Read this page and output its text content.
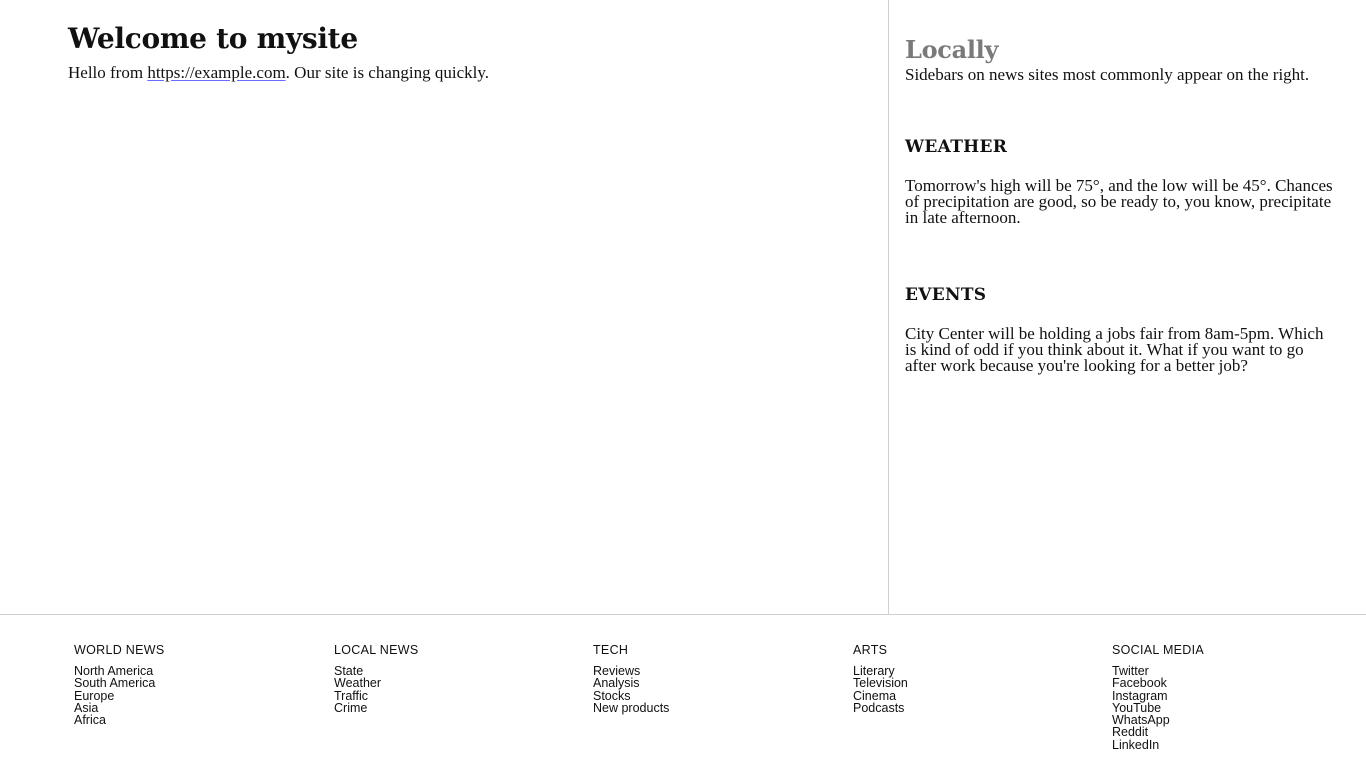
Welcome to mysite

Hello from https://example.com. Our site is changing quickly.

Locally

Sidebars on news sites most commonly appear on the right.

WEATHER

Tomorrow's high will be 75°, and the low will be 45°. Chances of precipitation are good, so be ready to, you know, precipitate in late afternoon.

EVENTS

City Center will be holding a jobs fair from 8am-5pm. Which is kind of odd if you think about it. What if you want to go after work because you're looking for a better job?

WORLD NEWS
North America
South America
Europe
Asia
Africa
LOCAL NEWS
State
Weather
Traffic
Crime
TECH
Reviews
Analysis
Stocks
New products
ARTS
Literary
Television
Cinema
Podcasts
SOCIAL MEDIA
Twitter
Facebook
Instagram
YouTube
WhatsApp
Reddit
LinkedIn
